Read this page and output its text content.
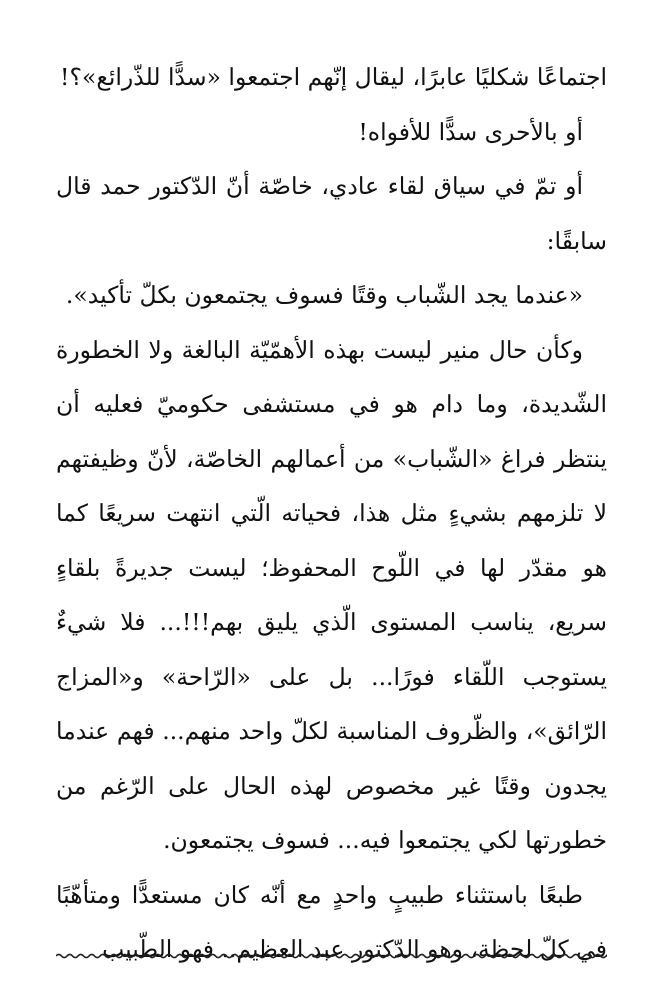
اجتماعًا شكليًا عابرًا، ليقال إنّهم اجتمعوا «سدًّا للذّرائع»؟!

أو بالأحرى سدًّا للأفواه!

أو تمّ في سياق لقاء عادي، خاصّة أنّ الدّكتور حمد قال سابقًا:

«عندما يجد الشّباب وقتًا فسوف يجتمعون بكلّ تأكيد».

وكأن حال منير ليست بهذه الأهمّيّة البالغة ولا الخطورة الشّديدة، وما دام هو في مستشفى حكوميّ فعليه أن ينتظر فراغ «الشّباب» من أعمالهم الخاصّة، لأنّ وظيفتهم لا تلزمهم بشيءٍ مثل هذا، فحياته الّتي انتهت سريعًا كما هو مقدّر لها في اللّوح المحفوظ؛ ليست جديرةً بلقاءٍ سريع، يناسب المستوى الّذي يليق بهم!!!... فلا شيءٌ يستوجب اللّقاء فورًا... بل على «الرّاحة» و«المزاج الرّائق»، والظّروف المناسبة لكلّ واحد منهم... فهم عندما يجدون وقتًا غير مخصوص لهذه الحال على الرّغم من خطورتها لكي يجتمعوا فيه... فسوف يجتمعون.

طبعًا باستثناء طبيبٍ واحدٍ مع أنّه كان مستعدًّا ومتأهّبًا في كلّ لحظة، وهو الدّكتور عبد العظيم.. فهو الطّبيب
